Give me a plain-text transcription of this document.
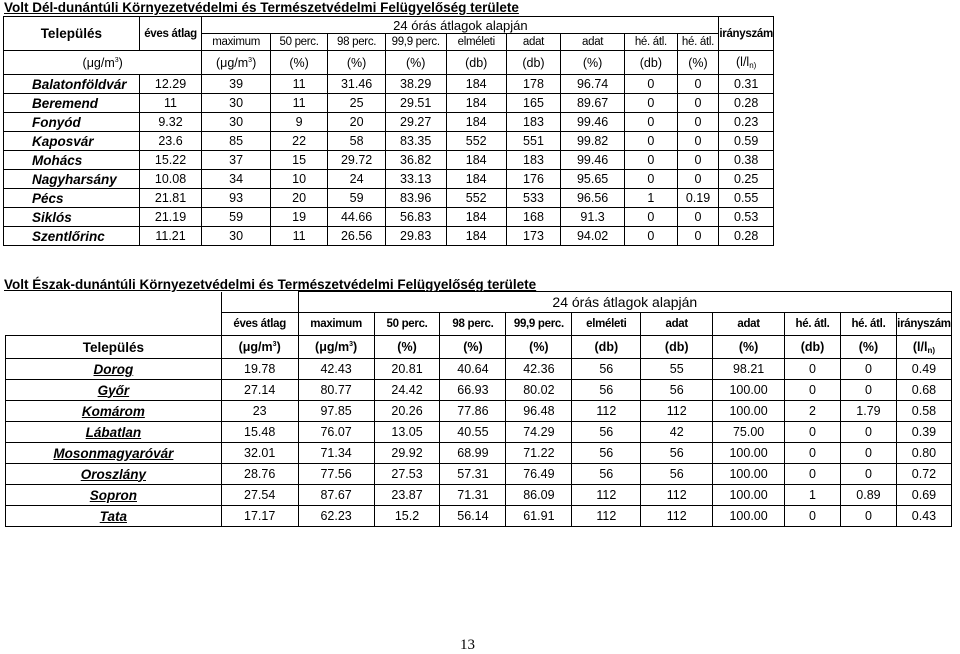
Volt Dél-dunántúli Környezetvédelmi és Természetvédelmi Felügyelőség területe
Település	éves átlag	24 órás átlagok alapján									irányszám
		maximum	50 perc.	98 perc.	99,9 perc.	elméleti	adat	adat	hé. átl.	hé. átl.	
$(\mu g/m^3)$		$(\mu g/m^3)$	(%)	(%)	(%)	(db)	(db)	(%)	(db)	(%)	(l/ln)
Balatonföldvár	12.29	39	11	31.46	38.29	184	178	96.74	0	0	0.31
Beremend	11	30	11	25	29.51	184	165	89.67	0	0	0.28
Fonyód	9.32	30	9	20	29.27	184	183	99.46	0	0	0.23
Kaposvár	23.6	85	22	58	83.35	552	551	99.82	0	0	0.59
Mohács	15.22	37	15	29.72	36.82	184	183	99.46	0	0	0.38
Nagyharsány	10.08	34	10	24	33.13	184	176	95.65	0	0	0.25
Pécs	21.81	93	20	59	83.96	552	533	96.56	1	0.19	0.55
Siklós	21.19	59	19	44.66	56.83	184	168	91.3	0	0	0.53
Szentlőrinc	11.21	30	11	26.56	29.83	184	173	94.02	0	0	0.28
Volt Észak-dunántúli Környezetvédelmi és Természetvédelmi Felügyelőség területe
		24 órás átlagok alapján									
	éves átlag	maximum	50 perc.	98 perc.	99,9 perc.	elméleti	adat	adat	hé. átl.	hé. átl.	irányszám
Település	$(\mu g/m^3)$	$(\mu g/m^3)$	(%)	(%)	(%)	(db)	(db)	(%)	(db)	(%)	(l/ln)
Dorog	19.78	42.43	20.81	40.64	42.36	56	55	98.21	0	0	0.49
Győr	27.14	80.77	24.42	66.93	80.02	56	56	100.00	0	0	0.68
Komárom	23	97.85	20.26	77.86	96.48	112	112	100.00	2	1.79	0.58
Lábatlan	15.48	76.07	13.05	40.55	74.29	56	42	75.00	0	0	0.39
Mosonmagyaróvár	32.01	71.34	29.92	68.99	71.22	56	56	100.00	0	0	0.80
Oroszlány	28.76	77.56	27.53	57.31	76.49	56	56	100.00	0	0	0.72
Sopron	27.54	87.67	23.87	71.31	86.09	112	112	100.00	1	0.89	0.69
Tata	17.17	62.23	15.2	56.14	61.91	112	112	100.00	0	0	0.43
13
